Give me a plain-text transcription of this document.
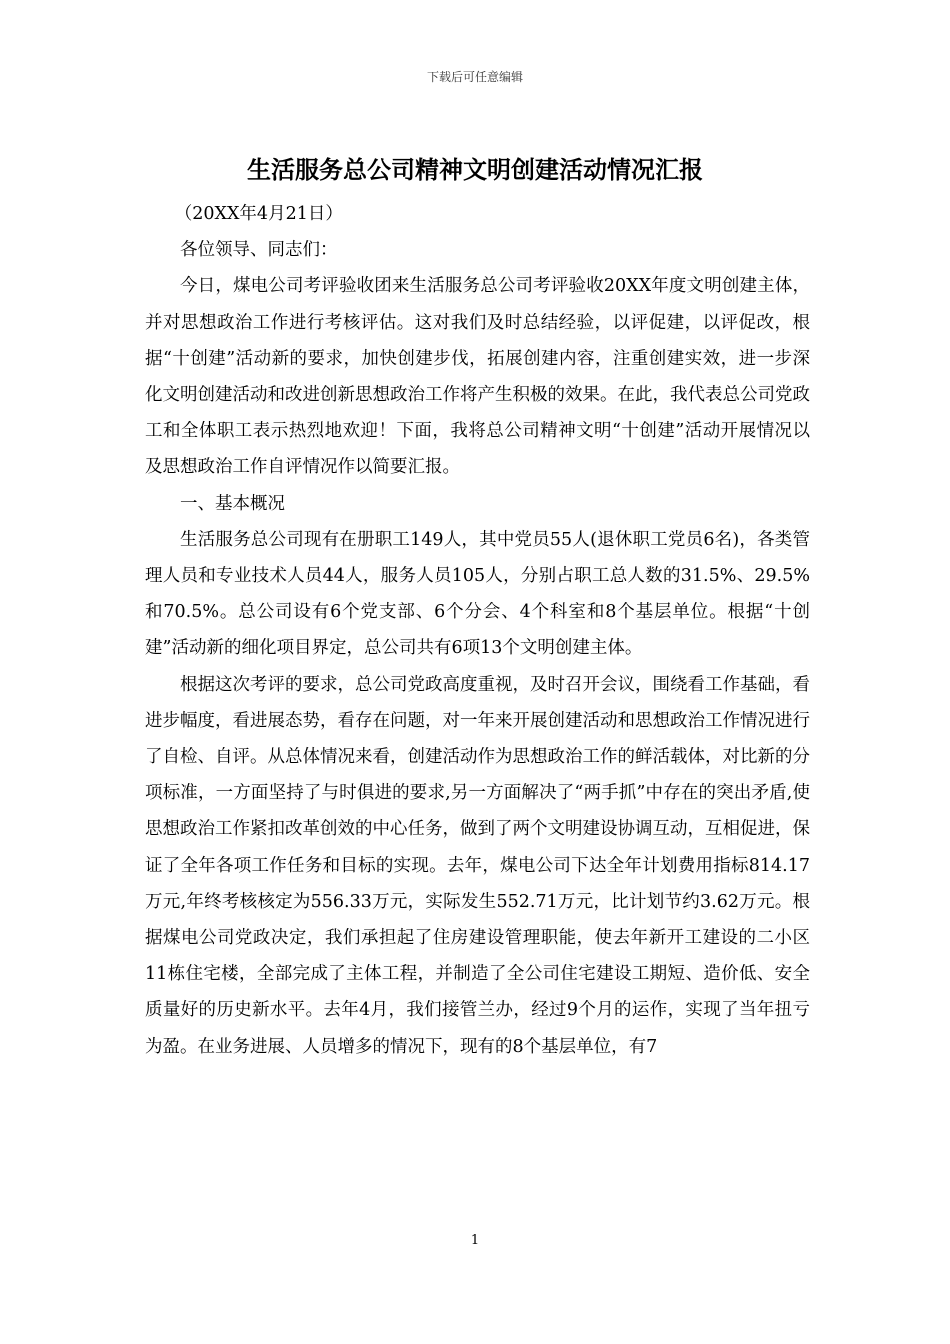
下载后可任意编辑
生活服务总公司精神文明创建活动情况汇报

（20XX年4月21日）

各位领导、同志们：

今日，煤电公司考评验收团来生活服务总公司考评验收20XX年度文明创建主体，并对思想政治工作进行考核评估。这对我们及时总结经验，以评促建，以评促改，根据“十创建”活动新的要求，加快创建步伐，拓展创建内容，注重创建实效，进一步深化文明创建活动和改进创新思想政治工作将产生积极的效果。在此，我代表总公司党政工和全体职工表示热烈地欢迎！下面，我将总公司精神文明“十创建”活动开展情况以及思想政治工作自评情况作以简要汇报。

一、基本概况

生活服务总公司现有在册职工149人，其中党员55人(退休职工党员6名)，各类管理人员和专业技术人员44人，服务人员105人，分别占职工总人数的31.5%、29.5%和70.5%。总公司设有6个党支部、6个分会、4个科室和8个基层单位。根据“十创建”活动新的细化项目界定，总公司共有6项13个文明创建主体。

根据这次考评的要求，总公司党政高度重视，及时召开会议，围绕看工作基础，看进步幅度，看进展态势，看存在问题，对一年来开展创建活动和思想政治工作情况进行了自检、自评。从总体情况来看，创建活动作为思想政治工作的鲜活载体，对比新的分项标准，一方面坚持了与时俱进的要求,另一方面解决了“两手抓”中存在的突出矛盾,使思想政治工作紧扣改革创效的中心任务，做到了两个文明建设协调互动，互相促进，保证了全年各项工作任务和目标的实现。去年，煤电公司下达全年计划费用指标814.17万元,年终考核核定为556.33万元，实际发生552.71万元，比计划节约3.62万元。根据煤电公司党政决定，我们承担起了住房建设管理职能，使去年新开工建设的二小区11栋住宅楼，全部完成了主体工程，并制造了全公司住宅建设工期短、造价低、安全质量好的历史新水平。去年4月，我们接管兰办，经过9个月的运作，实现了当年扭亏为盈。在业务进展、人员增多的情况下，现有的8个基层单位，有7

1
